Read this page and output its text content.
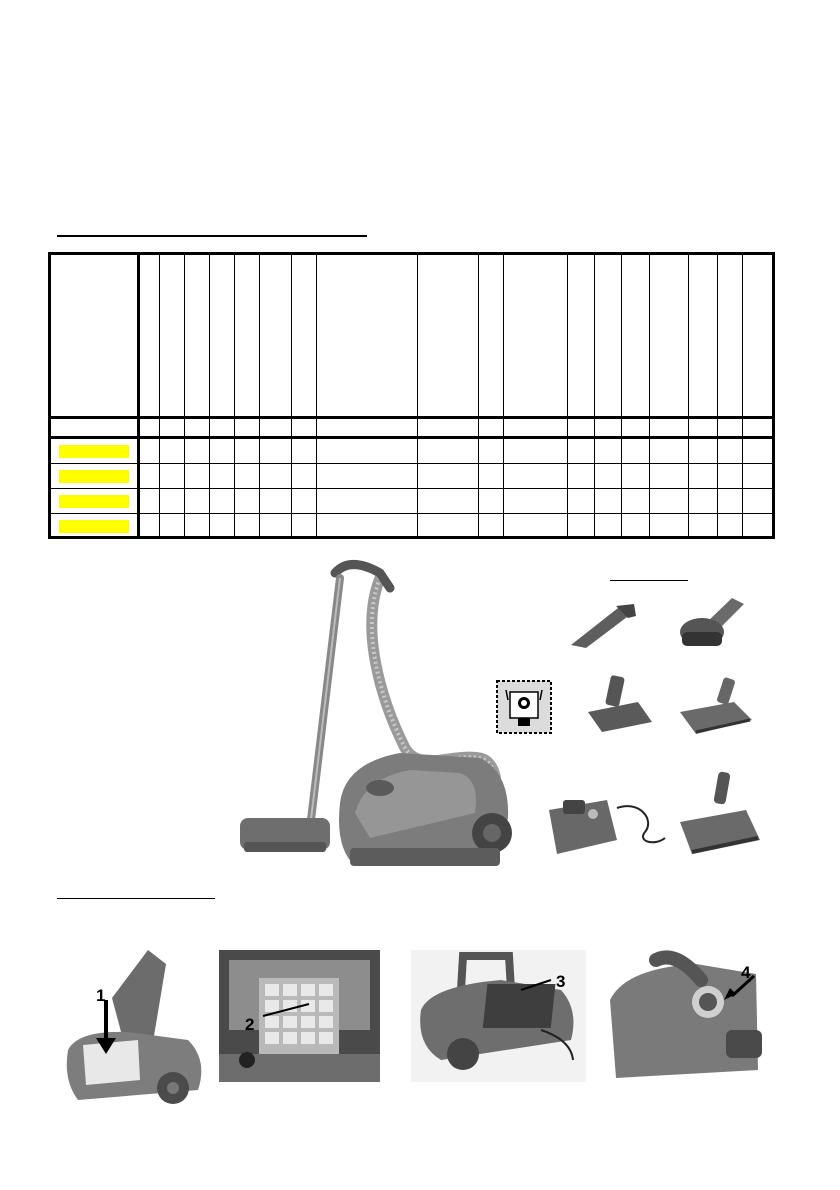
1
2
3	4
